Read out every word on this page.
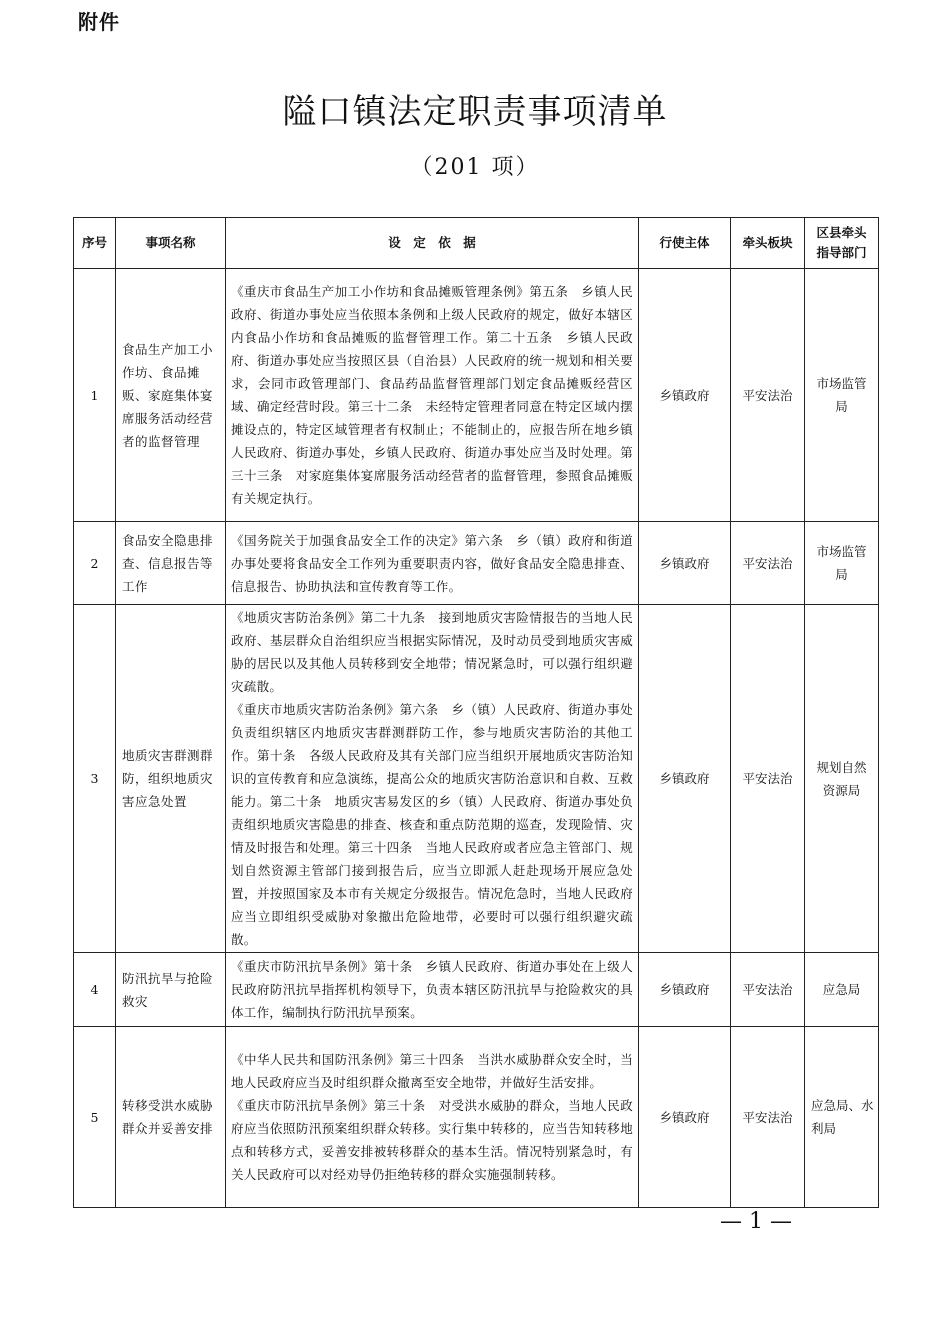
附件
隘口镇法定职责事项清单
（201 项）
序号	事项名称	设　定　依　据	行使主体	牵头板块	区县牵头指导部门

1	食品生产加工小作坊、食品摊贩、家庭集体宴席服务活动经营者的监督管理	《重庆市食品生产加工小作坊和食品摊贩管理条例》第五条　乡镇人民政府、街道办事处应当依照本条例和上级人民政府的规定，做好本辖区内食品小作坊和食品摊贩的监督管理工作。第二十五条　乡镇人民政府、街道办事处应当按照区县（自治县）人民政府的统一规划和相关要求，会同市政管理部门、食品药品监督管理部门划定食品摊贩经营区域、确定经营时段。第三十二条　未经特定管理者同意在特定区域内摆摊设点的，特定区域管理者有权制止；不能制止的，应报告所在地乡镇人民政府、街道办事处，乡镇人民政府、街道办事处应当及时处理。第三十三条　对家庭集体宴席服务活动经营者的监督管理，参照食品摊贩有关规定执行。	乡镇政府	平安法治	市场监管局

2	食品安全隐患排查、信息报告等工作	《国务院关于加强食品安全工作的决定》第六条　乡（镇）政府和街道办事处要将食品安全工作列为重要职责内容，做好食品安全隐患排查、信息报告、协助执法和宣传教育等工作。	乡镇政府	平安法治	市场监管局

3	地质灾害群测群防，组织地质灾害应急处置	《地质灾害防治条例》第二十九条　接到地质灾害险情报告的当地人民政府、基层群众自治组织应当根据实际情况，及时动员受到地质灾害威胁的居民以及其他人员转移到安全地带；情况紧急时，可以强行组织避灾疏散。
《重庆市地质灾害防治条例》第六条　乡（镇）人民政府、街道办事处负责组织辖区内地质灾害群测群防工作，参与地质灾害防治的其他工作。第十条　各级人民政府及其有关部门应当组织开展地质灾害防治知识的宣传教育和应急演练，提高公众的地质灾害防治意识和自救、互救能力。第二十条　地质灾害易发区的乡（镇）人民政府、街道办事处负责组织地质灾害隐患的排查、核查和重点防范期的巡查，发现险情、灾情及时报告和处理。第三十四条　当地人民政府或者应急主管部门、规划自然资源主管部门接到报告后，应当立即派人赶赴现场开展应急处置，并按照国家及本市有关规定分级报告。情况危急时，当地人民政府应当立即组织受威胁对象撤出危险地带，必要时可以强行组织避灾疏散。	乡镇政府	平安法治	规划自然资源局

4	防汛抗旱与抢险救灾	《重庆市防汛抗旱条例》第十条　乡镇人民政府、街道办事处在上级人民政府防汛抗旱指挥机构领导下，负责本辖区防汛抗旱与抢险救灾的具体工作，编制执行防汛抗旱预案。	乡镇政府	平安法治	应急局
5	转移受洪水威胁群众并妥善安排	《中华人民共和国防汛条例》第三十四条　当洪水威胁群众安全时，当地人民政府应当及时组织群众撤离至安全地带，并做好生活安排。
《重庆市防汛抗旱条例》第三十条　对受洪水威胁的群众，当地人民政府应当依照防汛预案组织群众转移。实行集中转移的，应当告知转移地点和转移方式，妥善安排被转移群众的基本生活。情况特别紧急时，有关人民政府可以对经劝导仍拒绝转移的群众实施强制转移。	乡镇政府	平安法治	应急局、水利局
— 1 —
